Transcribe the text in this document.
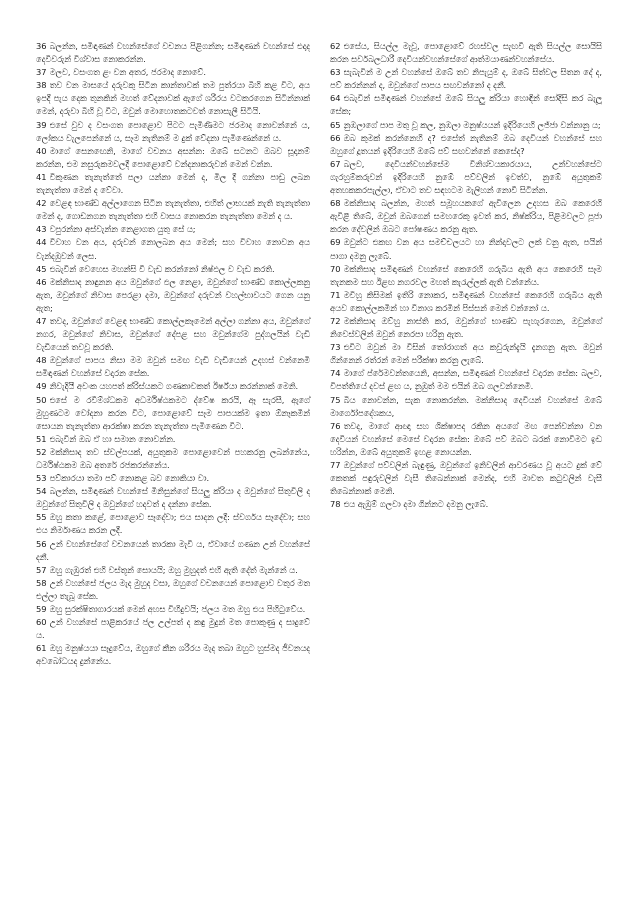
36 බලන්න, සමිඳාණන් වහන්සේගේ වචනය පිළිගන්න; සමිඳාණන් වහන්සේ එදාද දෙවිවරුන් විශ්වාස නොකරන්න.

37 මලව, වසංගත ළං වන අතර, ජරමාද නොවේ.

38 තව වන මාසයේ දරුවකු සිටින කාන්තාවක් තම පුත්රයා බිහි කළ විට, අය ඉපදී පැය දෙක තුනකින් මහත් වේදනාවක් ඇගේ ශරීරය වටකරගෙන සිටින්නාක් මෙන්, දරුවා බිහි වූ විට, ඔවුන් මොහොතකටවත් නොසැලී සිටියි.

39 එසේ වුව ද වසංගත පොළොව පිටට පැමිණීමට ජරමාද නොවන්නේ ය, ලෝකය වැලපෙන්නේ ය, සෑම නැතිනම් ම දුක් වේදනා පැමිණෙන්නේ ය.

40 මාගේ සෙනඟෙනි, මාගේ වචනය අසන්න: ඔබේ සටනට ඔබව සූදානම් කරන්න, එම නසුරුකමවලදී පොළොවේ වන්දනාකරුවන් මෙන් වන්න.

41 විකුණන තැනැත්තේ පලා යන්නා මෙන් ද, මිල දී ගන්නා පාඩු ලබන තැනැත්තා මෙන් ද වේවා.

42 වෙළඳ භාණ්ඩ අල්ලාගෙන සිටින තැනැත්තා, එහිත් ලාභයක් නැති තැනැත්තා මෙන් ද, ගොඩනගන තැනැත්තා එහි වාසය නොකරන තැනැත්තා මෙන් ද ය.

43 වපුරන්නා අස්වැන්න නෙළාගත යුතු සේ ය;

44 විවාහ වන අය, දරුවන් නොලබන අය මෙන්; සහ විවාහ නොවන අය වැන්දඹුවන් ලෙස.

45 එබැවින් වෙහෙස මහන්සි වී වැඩ කරන්නෝ නිෂ්ඵල ව වැඩ කරති.

46 මක්නිසාද නාඳුනන අය ඔවුන්ගේ ඵල නෙළා, ඔවුන්ගේ භාණ්ඩ කොල්ලකනු ඇත, ඔවුන්ගේ නිවාස පෙරළා දමා, ඔවුන්ගේ දරුවන් වහල්භාවයට ගෙන යනු ඇත;

47 තවද, ඔවුන්ගේ වෙළඳ භාණ්ඩ කොල්ලකෑමෙන් අල්ලා ගන්නා අය, ඔවුන්ගේ නගර, ඔවුන්ගේ නිවාස, ඔවුන්ගේ දේපළ සහ ඔවුන්ගේම පුද්ගලයින් වැඩි වැඩියෙන් තවවූ කරති.

48 ඔවුන්ගේ පාපය නිසා මම ඔවුන් සමඟ වැඩි වැඩියෙන් උදහස් වන්නෙමි සමිඳාණන් වහන්සේ වදාරන සේක.

49 නිවැදියී අවංක යහපත් ක්රිස්යකට ගණකාවකත් ඊර්ෂ්යා කරන්නාක් මෙනි.

50 එසේ ම රවීම්ශ්ධකම අධර්මිෂ්ඨකමට ද්වේෂ කරයි, ඈ සැරසී, ඇගේ මුහුණටම වෝදනා කරන විට, පොළොවේ සෑම පාපයක්ම ඉතා ඕනෑකමින් සොයන තැනැත්තා ආරක්ෂා කරන තැනැත්තා පැමිණෙන විට.

51 එබැවින් ඔබ ඒ හා සමාන නොවන්න.

52 මක්නිසාද තව ස්වල්පයක්, අයුතුකම පොළොවෙන් පහකරනු ලබන්නේය, ධර්මිෂ්ඨකම ඔබ අතරේ රජකරන්නේය.

53 පව්කාරයා තමා පව් නොකළ බව නොකියා වා.

54 බලන්න, සමිඳාණන් වහන්සේ මිනිසුන්ගේ සියලු ක්රියා ද ඔවුන්ගේ සිතුවිලි ද ඔවුන්ගේ සිතුවිලි ද ඔවුන්ගේ හදවත් ද දන්නා සේක.

55 ඔහු කතා කළේ, පොළොව සෑදේවා; එය සාදන ලදී: ස්වර්ගය සෑදේවා; සහ එය නිර්මාණය කරන ලදී.

56 උන් වහන්සේගේ වචනයෙන් තාරකා මැවී ය, ඒවායේ ගණන උන් වහන්සේ දනී.

57 ඔහු ගැඹුරත් එහි වස්තූන් සොයයි; ඔහු මුහුදත් එහි ඇති දේත් මැන්නේ ය.

58 උන් වහන්සේ ජලය මැද මුහුද වසා, ඔහුගේ වචනයෙන් පොළොව වතුර මත එල්ලා තැබූ සේක.

59 ඔහු සුරක්ෂිතාගාරයක් මෙන් අහස විහිදුවයි; ජලය මත ඔහු එය පිහිටුවේය.

60 උන් වහන්සේ පාළිකරයේ ජල උල්පත් ද කඳු මුදුන් මත පොකුණු ද සාදුවේ ය.

61 ඔහු මනුෂ්යයා සෑදුවේය, ඔහුගේ කීන ශරීරය මැද තබා ඔහුට හුස්මද ජීවනයද අවබෝධයද දුන්නේය.

62 එසේය, සියල්ල මැවූ, පොළොවේ රහස්වල සැඟවී ඇති සියල්ල සොයිසි කරන සර්වබලධාරී දෙවියන්වහන්සේගේ ආත්මයාණන්වහන්සේය.

63 සැබැවින් ම උන් වහන්සේ ඔබේ තව නිපැයුම් ද, ඔබේ සිත්වල සිතන දේ ද, පව් කරන්නන් ද, ඔවුන්ගේ පාපය සඟවන්නෝ ද දනී.

64 එබැවින් සමිඳාණන් වහන්සේ ඔබේ සියලු ක්රියා හොඳින් සෝදිසි කර බැලූ සේක;

65 නුඹලාගේ පාප මතු වූ කල, නුඹලා මනුෂ්යයන් ඉදිරියෙහි ලජ්ජා වන්නානු ය;

66 ඔබ කුමක් කරන්නෙහි ද? එසේත් නැතිනම් ඔබ දෙවියන් වහන්සේ සහ ඔහුගේ දූතයන් ඉදිරියෙහි ඔබේ පව් සඟවන්නේ කෙසේද?

67 බලව, දෙවියන්වහන්සේම විනිශ්චයකාරයාය, උන්වහන්සේට ගැරහුම්කරුවන් ඉදිරියෙහි නුඹේ පව්වලින් ඉවත්ව, නුඹේ අයුතුකම් අතහකකරපැල්ලා, ඒවාට තව සඳහටම මැලිහන් නොවී සිටින්න.

68 මක්නිසාද බලන්න, මහත් සමූහයකගේ ඇවිලෙන උදහස ඔබ කෙරෙහි ඇවිළී තිබේ, ඔවුන් ඔබගෙන් සමහරෙකු ඉවත් කර, නිෂ්ක්රිය, පිළිමවලට පූජා කරන දේවලින් ඔබට පෝෂණය කරනු ඇත.

69 ඔවුන්ට එකඟ වන අය සමච්චලයට හා නින්දාවලට ලක් වනු ඇත, පයින් පාගා දමනු ලැබේ.

70 මක්නිසාද සමිඳාණන් වහන්සේ කෙරෙහි ගරුබිය ඇති අය කෙරෙහි සෑම තැනකම සහ ඊළඟ නගරවල මහත් කැරැල්ලක් ඇති වන්නේය.

71 මවිහු කිසිමක් ඉතිරි නොකර, සමිඳාණන් වහන්සේ කෙරෙහි ගරුබිය ඇති අයව කොල්ලකමින් හා විනාශ කරමින් පිස්සන් මෙන් වන්නෝ ය.

72 මක්නිසාද ඔව්හු නාස්ති කර, ඔවුන්ගේ භාණ්ඩ පැහැරගෙන, ඔවුන්ගේ නිවෙස්වලින් ඔවුන් නෙරපා හරිනු ඇත.

73 එවිට ඔවුන් මා විසින් තෝරාගත් අය කවුරුන්දැයි දැනගනු ඇත. ඔවුන් ගින්නෙන් රත්රන් මෙන් පරීක්ෂා කරනු ලැබේ.

74 මාගේ ප්රේමවන්තයෙනි, අසන්න, සමිඳාණන් වහන්සේ වදාරන සේක: බලව, විපත්තියේ දවස් ළඟ ය, නුඹුත් මම එයින් ඔබ ගලවන්නෙමි.

75 බිය නොවන්න, සැක නොකරන්න. මක්නිසාද දෙවියන් වහන්සේ ඔබේ මාර්ගෝපදේශකය,

76 තවද, මාගේ ආඥා සහ ශික්ෂාපද රකින අයගේ මඟ පෙන්වන්නා වන දෙවියන් වහන්සේ මෙසේ වදාරන සේක: ඔබේ පව් ඔබට බරක් නොවීමට ඉඩ හරින්න, ඔබේ අයුතුකම් ඉහළ නොයන්න.

77 ඔවුන්ගේ පව්වලින් බැඳුණු, ඔවුන්ගේ ඉනිවලින් ආවරණය වූ අයට දුක් වේ කෙතක් පඳුරුවලින් වැසී තිබෙන්නාක් මෙන්ද, එහි මාවත කටුවලින් වැසී තිබෙන්නාක් මෙනි.

78 එය ඇඹුම් ගලවා දමා ගින්නට දමනු ලැබේ.
